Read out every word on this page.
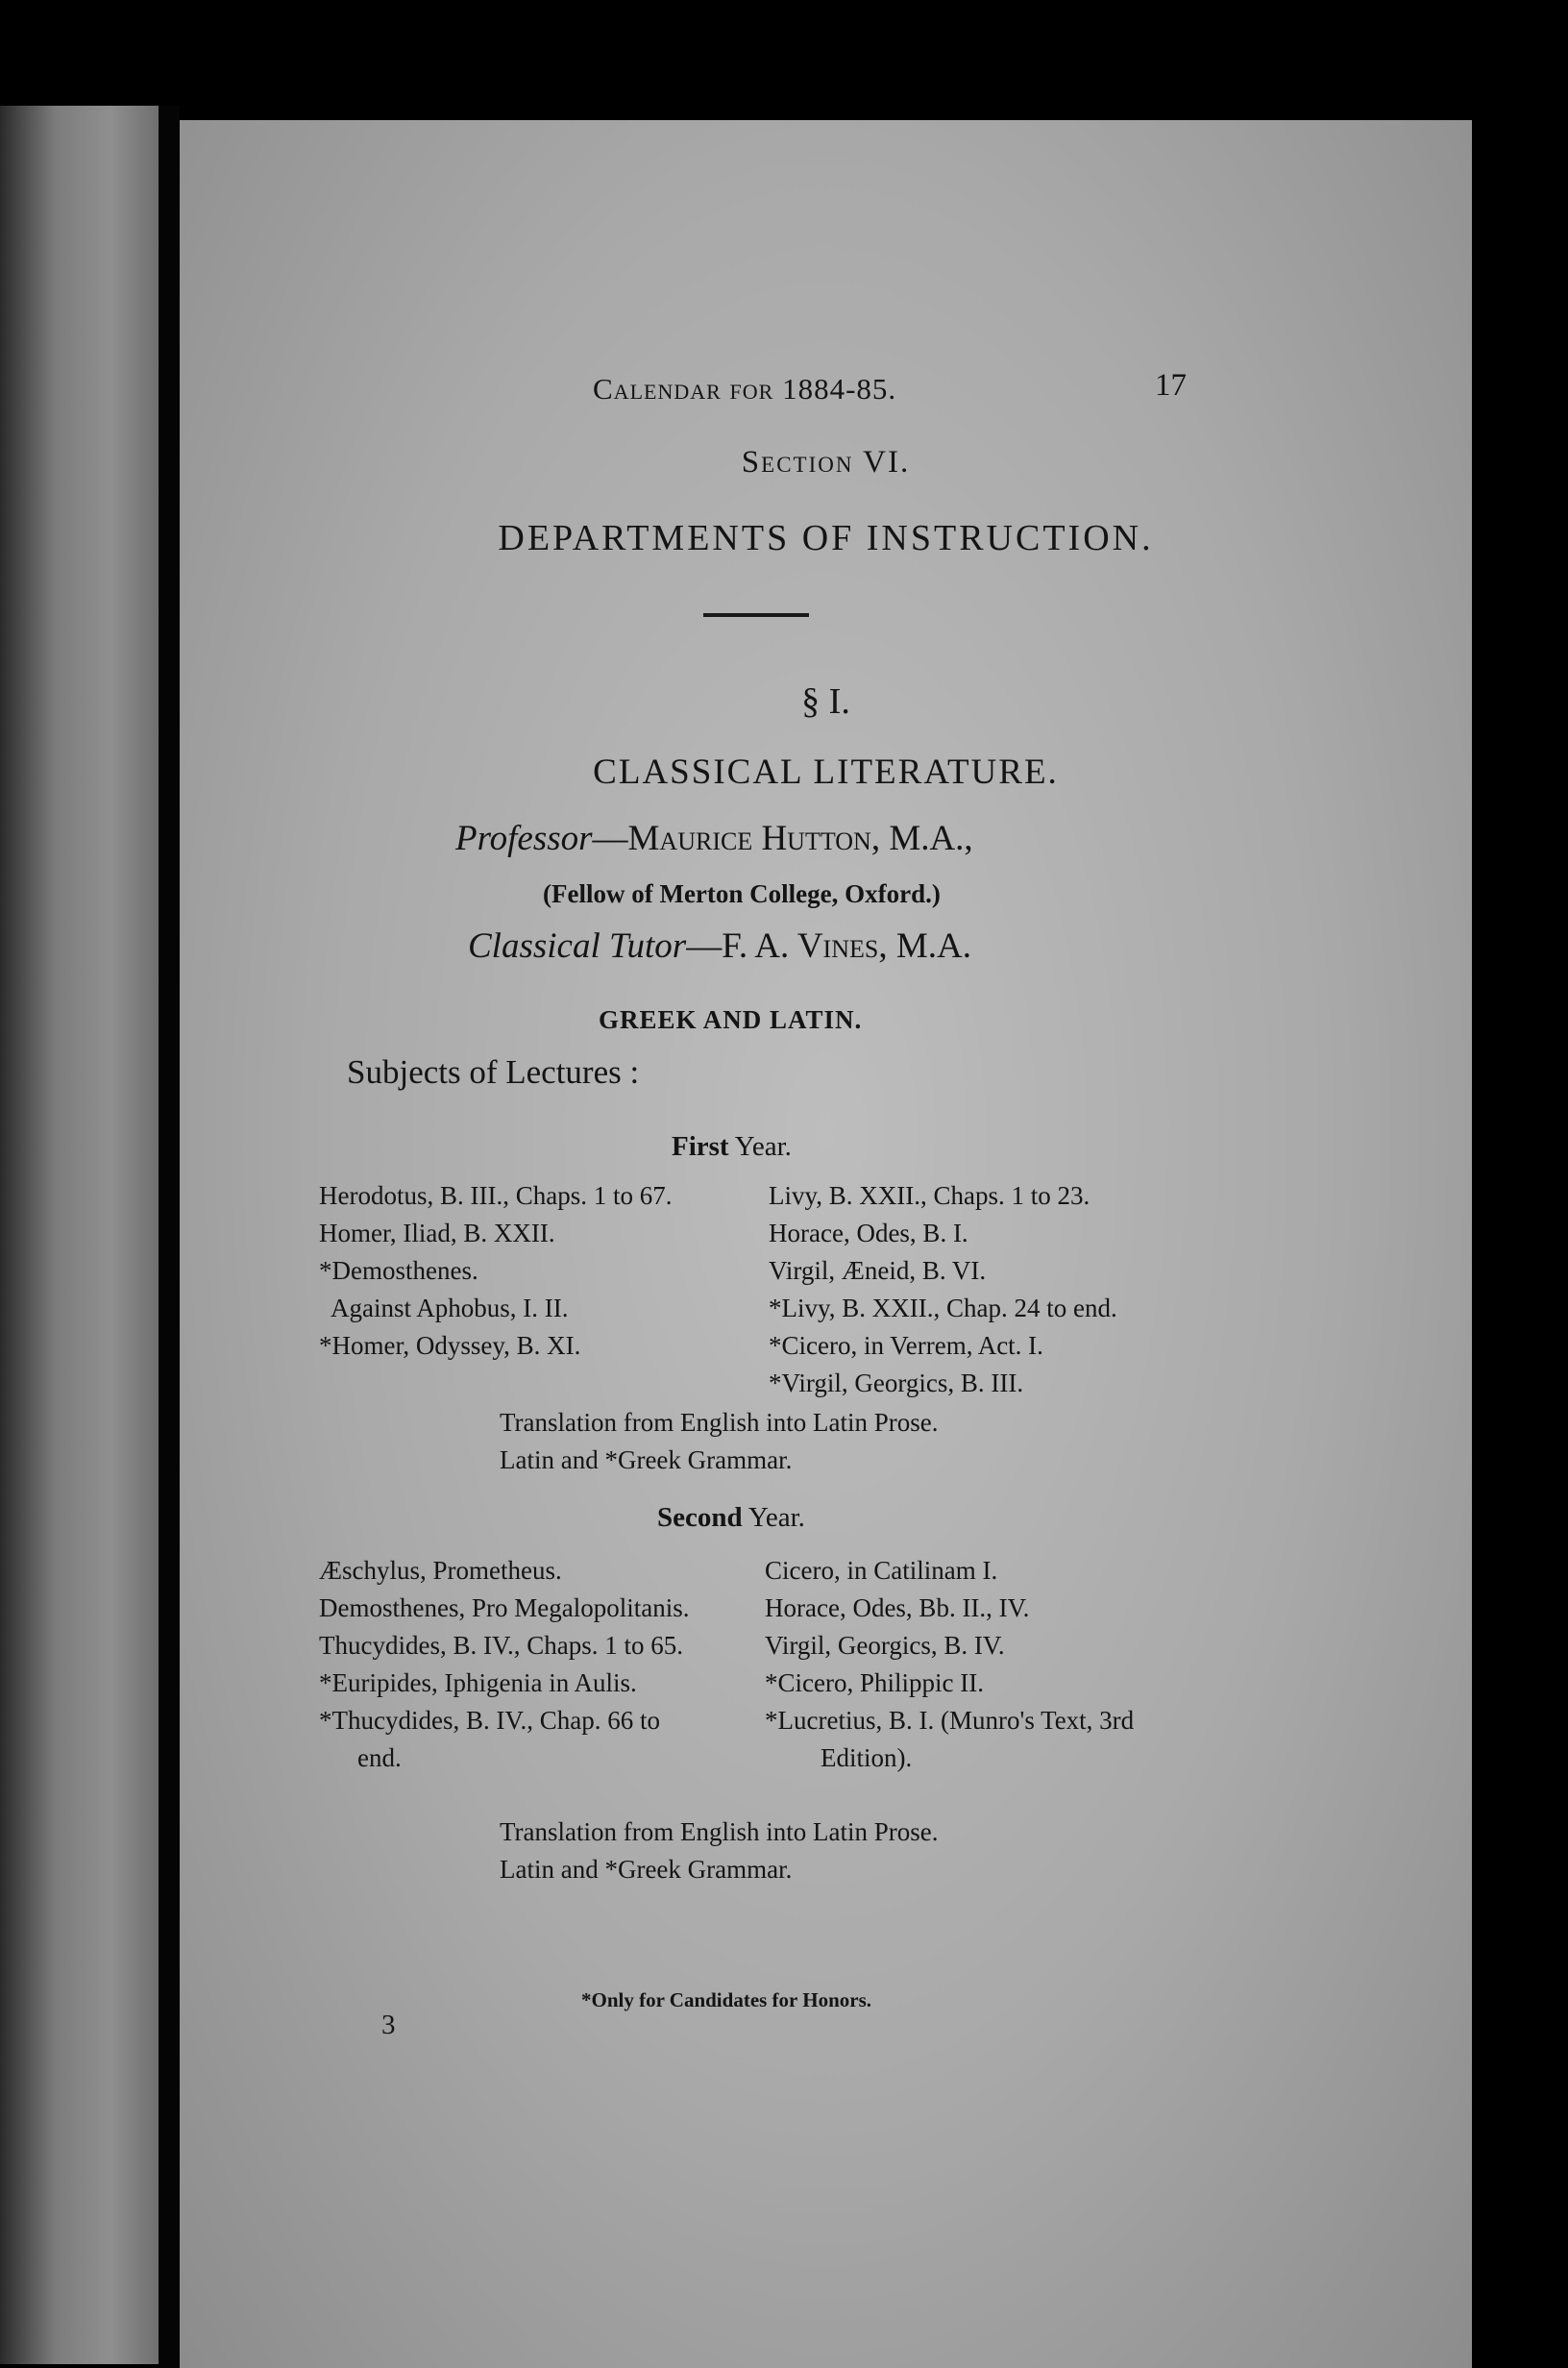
Calendar for 1884-85.	17
Section VI.
DEPARTMENTS OF INSTRUCTION.
§ I.
CLASSICAL LITERATURE.
Professor—Maurice Hutton, M.A.,
(Fellow of Merton College, Oxford.)
Classical Tutor—F. A. Vines, M.A.
GREEK AND LATIN.
Subjects of Lectures :
First Year.
Herodotus, B. III., Chaps. 1 to 67.
Homer, Iliad, B. XXII.
*Demosthenes.
Against Aphobus, I. II.
*Homer, Odyssey, B. XI.
Livy, B. XXII., Chaps. 1 to 23.
Horace, Odes, B. I.
Virgil, Æneid, B. VI.
*Livy, B. XXII., Chap. 24 to end.
*Cicero, in Verrem, Act. I.
*Virgil, Georgics, B. III.
Translation from English into Latin Prose.
Latin and *Greek Grammar.
Second Year.
Æschylus, Prometheus.
Demosthenes, Pro Megalopolitanis.
Thucydides, B. IV., Chaps. 1 to 65.
*Euripides, Iphigenia in Aulis.
*Thucydides, B. IV., Chap. 66 to
end.
Cicero, in Catilinam I.
Horace, Odes, Bb. II., IV.
Virgil, Georgics, B. IV.
*Cicero, Philippic II.
*Lucretius, B. I. (Munro's Text, 3rd
Edition).
Translation from English into Latin Prose.
Latin and *Greek Grammar.
*Only for Candidates for Honors.
3
